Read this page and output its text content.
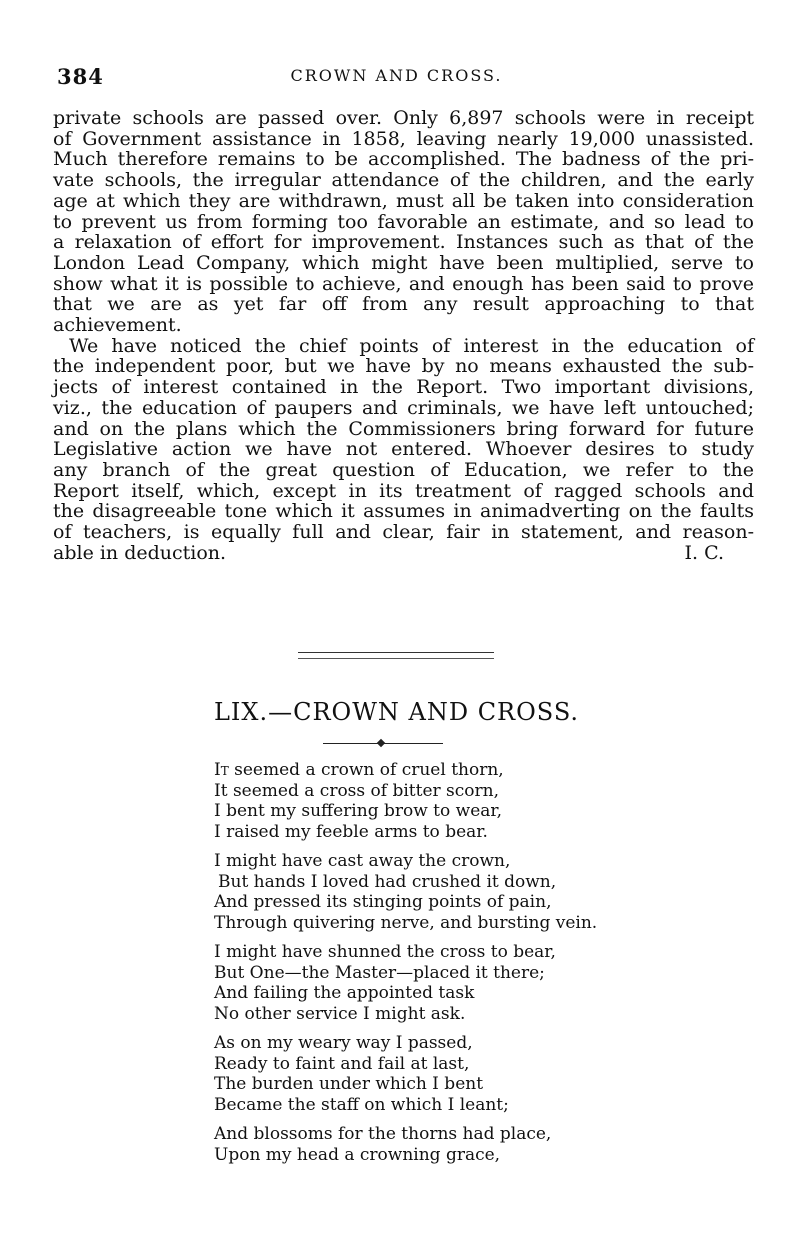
384	CROWN AND CROSS.
private schools are passed over. Only 6,897 schools were in receipt
of Government assistance in 1858, leaving nearly 19,000 unassisted.
Much therefore remains to be accomplished. The badness of the pri-
vate schools, the irregular attendance of the children, and the early
age at which they are withdrawn, must all be taken into consideration
to prevent us from forming too favorable an estimate, and so lead to
a relaxation of effort for improvement. Instances such as that of the
London Lead Company, which might have been multiplied, serve to
show what it is possible to achieve, and enough has been said to prove
that we are as yet far off from any result approaching to that
achievement.
We have noticed the chief points of interest in the education of
the independent poor, but we have by no means exhausted the sub-
jects of interest contained in the Report. Two important divisions,
viz., the education of paupers and criminals, we have left untouched;
and on the plans which the Commissioners bring forward for future
Legislative action we have not entered. Whoever desires to study
any branch of the great question of Education, we refer to the
Report itself, which, except in its treatment of ragged schools and
the disagreeable tone which it assumes in animadverting on the faults
of teachers, is equally full and clear, fair in statement, and reason-
able in deduction.	I. C.
LIX.—CROWN AND CROSS.
It seemed a crown of cruel thorn,
It seemed a cross of bitter scorn,
I bent my suffering brow to wear,
I raised my feeble arms to bear.
I might have cast away the crown,
But hands I loved had crushed it down,
And pressed its stinging points of pain,
Through quivering nerve, and bursting vein.
I might have shunned the cross to bear,
But One—the Master—placed it there;
And failing the appointed task
No other service I might ask.
As on my weary way I passed,
Ready to faint and fail at last,
The burden under which I bent
Became the staff on which I leant;
And blossoms for the thorns had place,
Upon my head a crowning grace,
